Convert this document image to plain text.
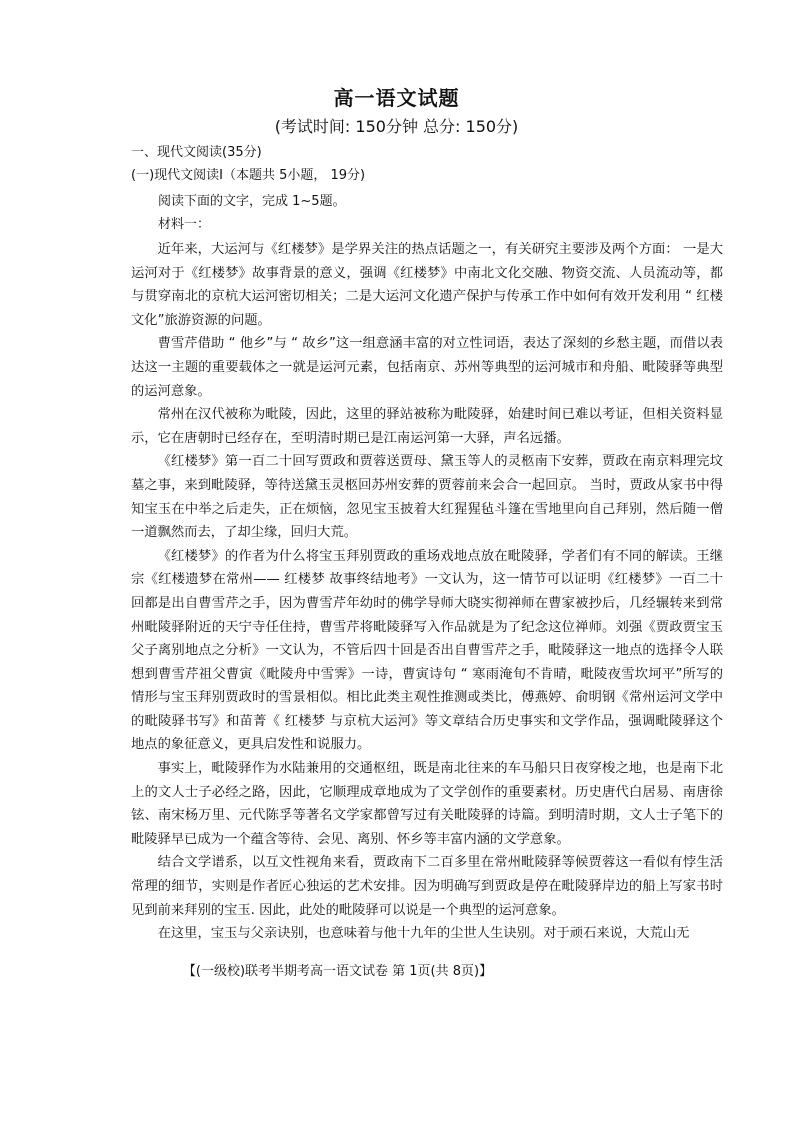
高一语文试题
(考试时间: 150分钟 总分: 150分)
一、现代文阅读(35分)
(一)现代文阅读Ⅰ（本题共 5小题， 19分)
阅读下面的文字，完成 1~5题。
材料一：

近年来，大运河与《红楼梦》是学界关注的热点话题之一，有关研究主要涉及两个方面： 一是大运河对于《红楼梦》故事背景的意义，强调《红楼梦》中南北文化交融、物资交流、人员流动等，都与贯穿南北的京杭大运河密切相关；二是大运河文化遗产保护与传承工作中如何有效开发利用 “ 红楼文化”旅游资源的问题。

曹雪芹借助 “ 他乡”与 “ 故乡”这一组意涵丰富的对立性词语，表达了深刻的乡愁主题，而借以表达这一主题的重要载体之一就是运河元素，包括南京、苏州等典型的运河城市和舟船、毗陵驿等典型的运河意象。

常州在汉代被称为毗陵，因此，这里的驿站被称为毗陵驿，始建时间已难以考证，但相关资料显示，它在唐朝时已经存在，至明清时期已是江南运河第一大驿，声名远播。

《红楼梦》第一百二十回写贾政和贾蓉送贾母、黛玉等人的灵柩南下安葬，贾政在南京料理完坟墓之事，来到毗陵驿，等待送黛玉灵柩回苏州安葬的贾蓉前来会合一起回京。 当时，贾政从家书中得知宝玉在中举之后走失，正在烦恼，忽见宝玉披着大红猩猩毡斗篷在雪地里向自己拜别，然后随一僧一道飘然而去，了却尘缘，回归大荒。

《红楼梦》的作者为什么将宝玉拜别贾政的重场戏地点放在毗陵驿，学者们有不同的解读。王继宗《红楼遗梦在常州—— 红楼梦 故事终结地考》一文认为，这一情节可以证明《红楼梦》一百二十回都是出自曹雪芹之手，因为曹雪芹年幼时的佛学导师大晓实彻禅师在曹家被抄后，几经辗转来到常州毗陵驿附近的天宁寺任住持，曹雪芹将毗陵驿写入作品就是为了纪念这位禅师。刘强《贾政贾宝玉父子离别地点之分析》一文认为，不管后四十回是否出自曹雪芹之手，毗陵驿这一地点的选择令人联想到曹雪芹祖父曹寅《毗陵舟中雪霁》一诗，曹寅诗句 “ 寒雨淹旬不肯晴，毗陵夜雪坎坷平”所写的情形与宝玉拜别贾政时的雪景相似。相比此类主观性推测或类比，傅燕婷、俞明钢《常州运河文学中的毗陵驿书写》和苗菁《 红楼梦 与京杭大运河》等文章结合历史事实和文学作品，强调毗陵驿这个地点的象征意义，更具启发性和说服力。

事实上，毗陵驿作为水陆兼用的交通枢纽，既是南北往来的车马船只日夜穿梭之地，也是南下北上的文人士子必经之路，因此，它顺理成章地成为了文学创作的重要素材。历史唐代白居易、南唐徐铉、南宋杨万里、元代陈孚等著名文学家都曾写过有关毗陵驿的诗篇。到明清时期，文人士子笔下的毗陵驿早已成为一个蕴含等待、会见、离别、怀乡等丰富内涵的文学意象。

结合文学谱系，以互文性视角来看，贾政南下二百多里在常州毗陵驿等候贾蓉这一看似有悖生活常理的细节，实则是作者匠心独运的艺术安排。因为明确写到贾政是停在毗陵驿岸边的船上写家书时见到前来拜别的宝玉. 因此，此处的毗陵驿可以说是一个典型的运河意象。

在这里，宝玉与父亲诀别，也意味着与他十九年的尘世人生诀别。对于顽石来说，大荒山无

【(一级校)联考半期考高一语文试卷 第 1页(共 8页)】
